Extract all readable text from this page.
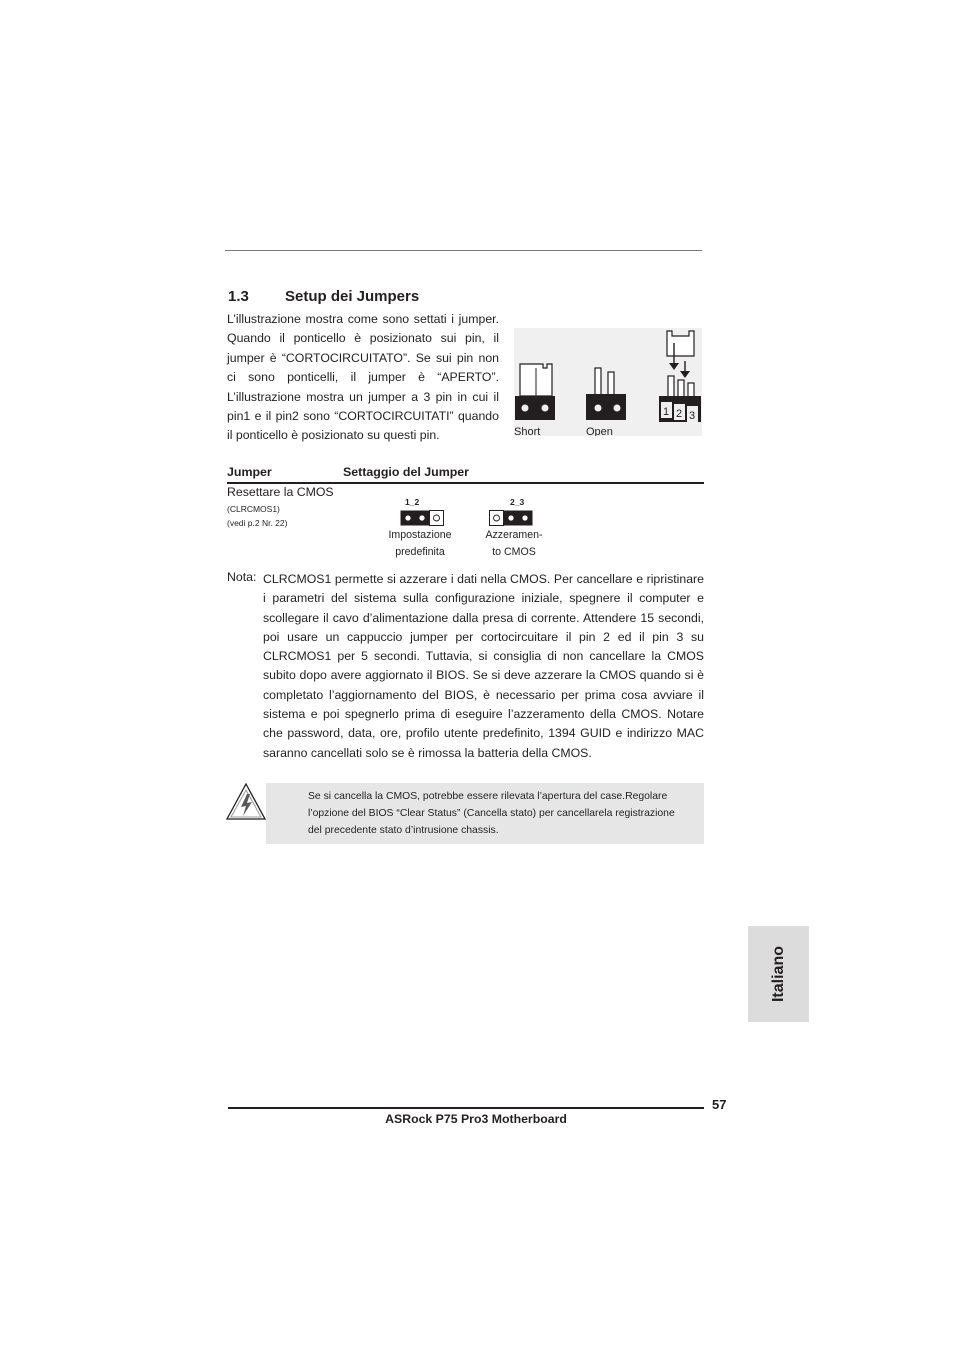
1.3 Setup dei Jumpers

L’illustrazione mostra come sono settati i jumper. Quando il ponticello è posizionato sui pin, il jumper è “CORTOCIRCUITATO”. Se sui pin non ci sono ponticelli, il jumper è “APERTO”. L’illustrazione mostra un jumper a 3 pin in cui il pin1 e il pin2 sono “CORTOCIRCUITATI” quando il ponticello è posizionato su questi pin.

1 2 3
Short	Open
Jumper	Settaggio del Jumper
Resettare la CMOS
(CLRCMOS1)
(vedi p.2 Nr. 22)
1_2
Impostazione
predefinita
2_3
Azzeramen-
to CMOS
Nota: CLRCMOS1 permette si azzerare i dati nella CMOS. Per cancellare e ripristinare i parametri del sistema sulla configurazione iniziale, spegnere il computer e scollegare il cavo d’alimentazione dalla presa di corrente. Attendere 15 secondi, poi usare un cappuccio jumper per cortocircuitare il pin 2 ed il pin 3 su CLRCMOS1 per 5 secondi. Tuttavia, si consiglia di non cancellare la CMOS subito dopo avere aggiornato il BIOS. Se si deve azzerare la CMOS quando si è completato l’aggiornamento del BIOS, è necessario per prima cosa avviare il sistema e poi spegnerlo prima di eseguire l’azzeramento della CMOS. Notare che password, data, ore, profilo utente predefinito, 1394 GUID e indirizzo MAC saranno cancellati solo se è rimossa la batteria della CMOS.

Se si cancella la CMOS, potrebbe essere rilevata l’apertura del case.Regolare l’opzione del BIOS “Clear Status” (Cancella stato) per cancellarela registrazione del precedente stato d’intrusione chassis.

Italiano
57
ASRock P75 Pro3 Motherboard
